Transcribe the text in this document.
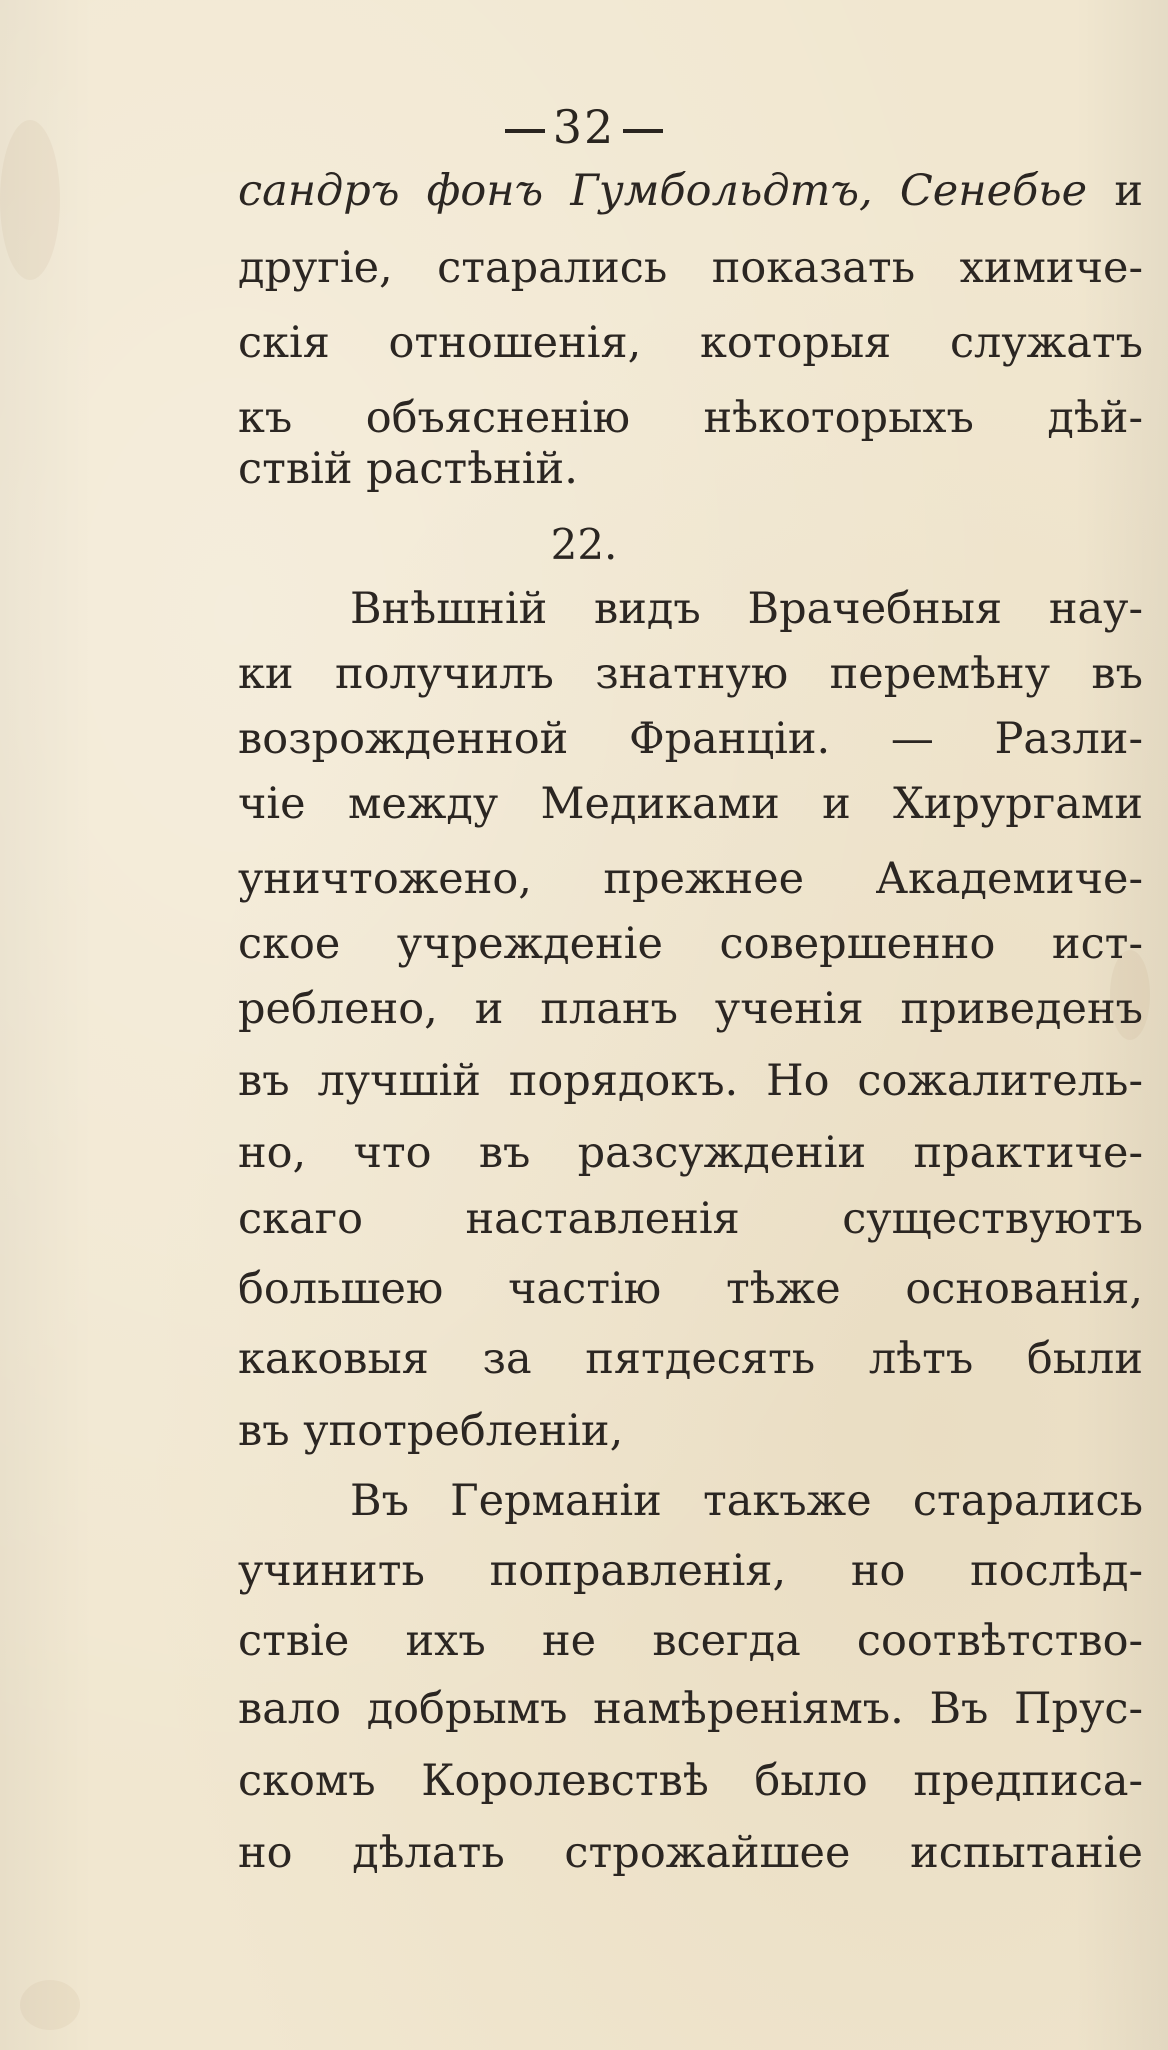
32
сандръ фонъ Гумбольдтъ, Сенебье и
другіе, старались показать химиче-
скія отношенія, которыя служатъ
къ объясненію нѣкоторыхъ дѣй-
ствій растѣній.
22.
Внѣшній видъ Врачебныя нау-
ки получилъ знатную перемѣну въ
возрожденной Франціи. — Разли-
чіе между Медиками и Хирургами
уничтожено, прежнее Академиче-
ское учрежденіе совершенно ист-
реблено, и планъ ученія приведенъ
въ лучшій порядокъ. Но сожалитель-
но, что въ разсужденіи практиче-
скаго наставленія существуютъ
большею частію тѣже основанія,
каковыя за пятдесять лѣтъ были
въ употребленіи,
Въ Германіи такъже старались
учинить поправленія, но послѣд-
ствіе ихъ не всегда соотвѣтство-
вало добрымъ намѣреніямъ. Въ Прус-
скомъ Королевствѣ было предписа-
но дѣлать строжайшее испытаніе
